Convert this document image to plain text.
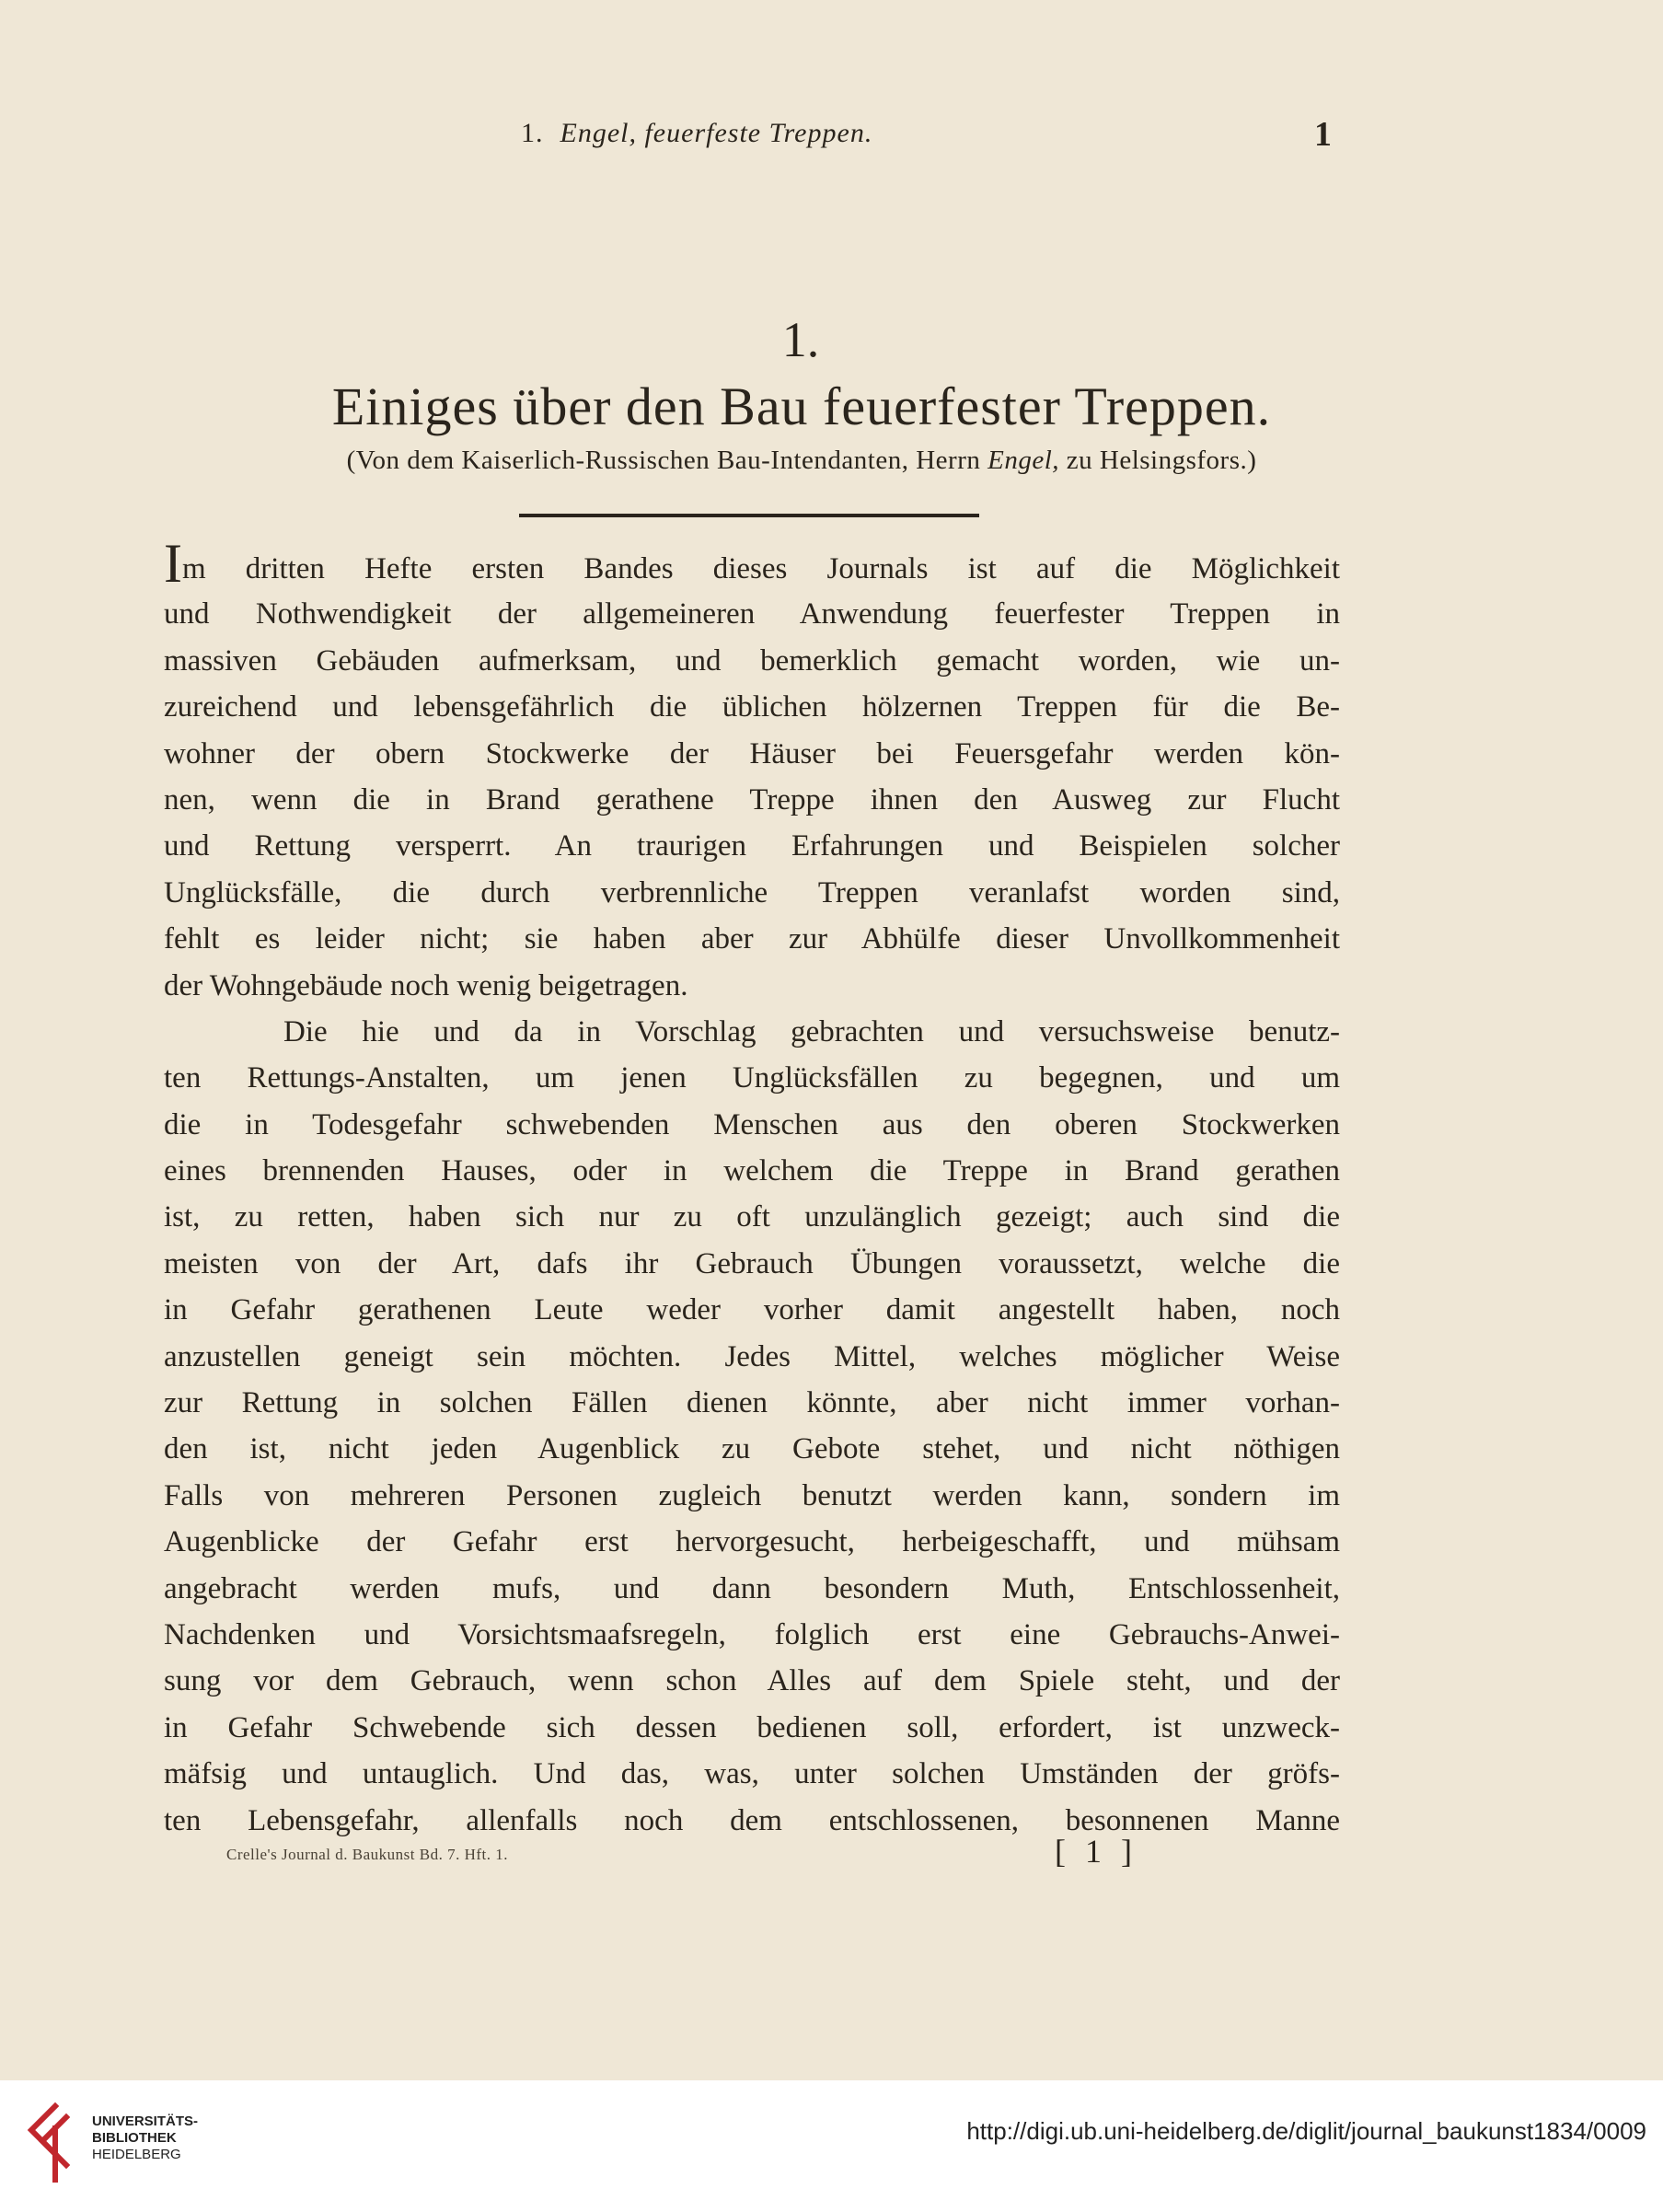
1. Engel, feuerfeste Treppen.	1
1.
Einiges über den Bau feuerfester Treppen.
(Von dem Kaiserlich-Russischen Bau-Intendanten, Herrn Engel, zu Helsingsfors.)
Im dritten Hefte ersten Bandes dieses Journals ist auf die Möglichkeit
und Nothwendigkeit der allgemeineren Anwendung feuerfester Treppen in
massiven Gebäuden aufmerksam, und bemerklich gemacht worden, wie un-
zureichend und lebensgefährlich die üblichen hölzernen Treppen für die Be-
wohner der obern Stockwerke der Häuser bei Feuersgefahr werden kön-
nen, wenn die in Brand gerathene Treppe ihnen den Ausweg zur Flucht
und Rettung versperrt. An traurigen Erfahrungen und Beispielen solcher
Unglücksfälle, die durch verbrennliche Treppen veranlafst worden sind,
fehlt es leider nicht; sie haben aber zur Abhülfe dieser Unvollkommenheit
der Wohngebäude noch wenig beigetragen.
Die hie und da in Vorschlag gebrachten und versuchsweise benutz-
ten Rettungs-Anstalten, um jenen Unglücksfällen zu begegnen, und um
die in Todesgefahr schwebenden Menschen aus den oberen Stockwerken
eines brennenden Hauses, oder in welchem die Treppe in Brand gerathen
ist, zu retten, haben sich nur zu oft unzulänglich gezeigt; auch sind die
meisten von der Art, dafs ihr Gebrauch Übungen voraussetzt, welche die
in Gefahr gerathenen Leute weder vorher damit angestellt haben, noch
anzustellen geneigt sein möchten. Jedes Mittel, welches möglicher Weise
zur Rettung in solchen Fällen dienen könnte, aber nicht immer vorhan-
den ist, nicht jeden Augenblick zu Gebote stehet, und nicht nöthigen
Falls von mehreren Personen zugleich benutzt werden kann, sondern im
Augenblicke der Gefahr erst hervorgesucht, herbeigeschafft, und mühsam
angebracht werden mufs, und dann besondern Muth, Entschlossenheit,
Nachdenken und Vorsichtsmaafsregeln, folglich erst eine Gebrauchs-Anwei-
sung vor dem Gebrauch, wenn schon Alles auf dem Spiele steht, und der
in Gefahr Schwebende sich dessen bedienen soll, erfordert, ist unzweck-
mäfsig und untauglich. Und das, was, unter solchen Umständen der gröfs-
ten Lebensgefahr, allenfalls noch dem entschlossenen, besonnenen Manne
Crelle's Journal d. Baukunst Bd. 7. Hft. 1.	[ 1 ]
UNIVERSITÄTS-
BIBLIOTHEK
HEIDELBERG
http://digi.ub.uni-heidelberg.de/diglit/journal_baukunst1834/0009
